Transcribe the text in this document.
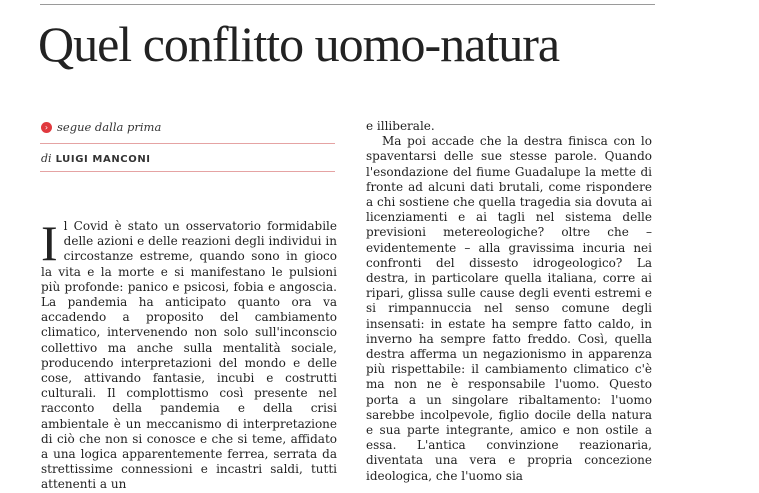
Quel conflitto uomo-natura
› segue dalla prima
di LUIGI MANCONI

Il Covid è stato un osservatorio formidabile delle azioni e delle reazioni degli individui in circostanze estreme, quando sono in gioco la vita e la morte e si manifestano le pulsioni più profonde: panico e psicosi, fobia e angoscia. La pandemia ha anticipato quanto ora va accadendo a proposito del cambiamento climatico, intervenendo non solo sull'inconscio collettivo ma anche sulla mentalità sociale, producendo interpretazioni del mondo e delle cose, attivando fantasie, incubi e costrutti culturali. Il complottismo così presente nel racconto della pandemia e della crisi ambientale è un meccanismo di interpretazione di ciò che non si conosce e che si teme, affidato a una logica apparentemente ferrea, serrata da strettissime connessioni e incastri saldi, tutti attenenti a un

e illiberale.

Ma poi accade che la destra finisca con lo spaventarsi delle sue stesse parole. Quando l'esondazione del fiume Guadalupe la mette di fronte ad alcuni dati brutali, come rispondere a chi sostiene che quella tragedia sia dovuta ai licenziamenti e ai tagli nel sistema delle previsioni metereologiche? oltre che – evidentemente – alla gravissima incuria nei confronti del dissesto idrogeologico? La destra, in particolare quella italiana, corre ai ripari, glissa sulle cause degli eventi estremi e si rimpannuccia nel senso comune degli insensati: in estate ha sempre fatto caldo, in inverno ha sempre fatto freddo. Così, quella destra afferma un negazionismo in apparenza più rispettabile: il cambiamento climatico c'è ma non ne è responsabile l'uomo. Questo porta a un singolare ribaltamento: l'uomo sarebbe incolpevole, figlio docile della natura e sua parte integrante, amico e non ostile a essa. L'antica convinzione reazionaria, diventata una vera e propria concezione ideologica, che l'uomo sia
